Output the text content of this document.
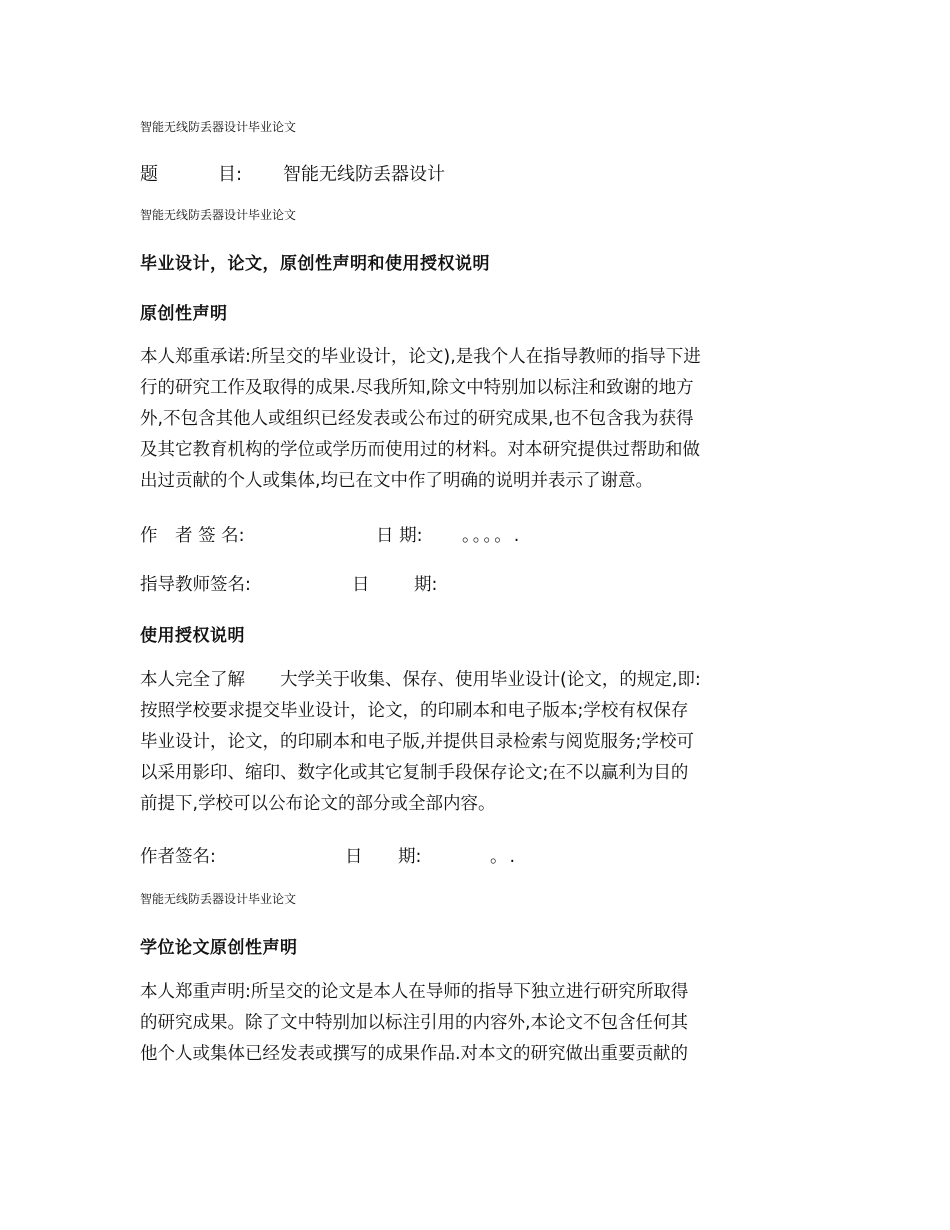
智能无线防丢器设计毕业论文
题	目: 智能无线防丢器设计
智能无线防丢器设计毕业论文
毕业设计，论文，原创性声明和使用授权说明
原创性声明
本人郑重承诺:所呈交的毕业设计，论文),是我个人在指导教师的指导下进
行的研究工作及取得的成果.尽我所知,除文中特别加以标注和致谢的地方
外,不包含其他人或组织已经发表或公布过的研究成果,也不包含我为获得
及其它教育机构的学位或学历而使用过的材料。对本研究提供过帮助和做
出过贡献的个人或集体,均已在文中作了明确的说明并表示了谢意。
作　者 签 名:	日 期: 。。。。.
指导教师签名:	日	期:
使用授权说明
本人完全了解　　大学关于收集、保存、使用毕业设计(论文，的规定,即:
按照学校要求提交毕业设计，论文，的印刷本和电子版本;学校有权保存
毕业设计，论文，的印刷本和电子版,并提供目录检索与阅览服务;学校可
以采用影印、缩印、数字化或其它复制手段保存论文;在不以赢利为目的
前提下,学校可以公布论文的部分或全部内容。
作者签名:	日 期:	。.
智能无线防丢器设计毕业论文
学位论文原创性声明
本人郑重声明:所呈交的论文是本人在导师的指导下独立进行研究所取得
的研究成果。除了文中特别加以标注引用的内容外,本论文不包含任何其
他个人或集体已经发表或撰写的成果作品.对本文的研究做出重要贡献的
